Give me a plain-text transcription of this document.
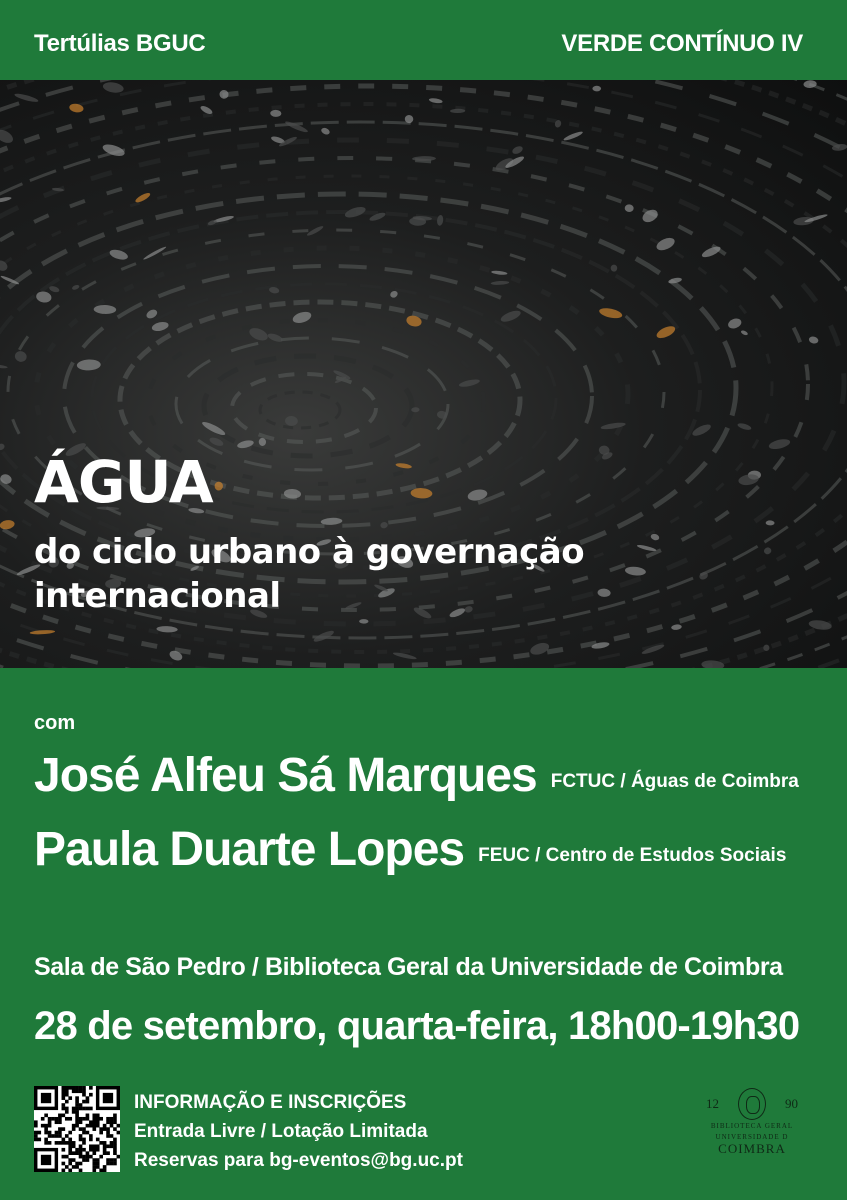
Tertúlias BGUC	VERDE CONTÍNUO IV
ÁGUA
do ciclo urbano à governação internacional
com
José Alfeu Sá Marques FCTUC / Águas de Coimbra
Paula Duarte Lopes FEUC / Centro de Estudos Sociais
Sala de São Pedro / Biblioteca Geral da Universidade de Coimbra
28 de setembro, quarta-feira, 18h00-19h30
INFORMAÇÃO E INSCRIÇÕES
Entrada Livre / Lotação Limitada
Reservas para bg-eventos@bg.uc.pt
12	90
BIBLIOTECA GERAL
UNIVERSIDADE D
COIMBRA
